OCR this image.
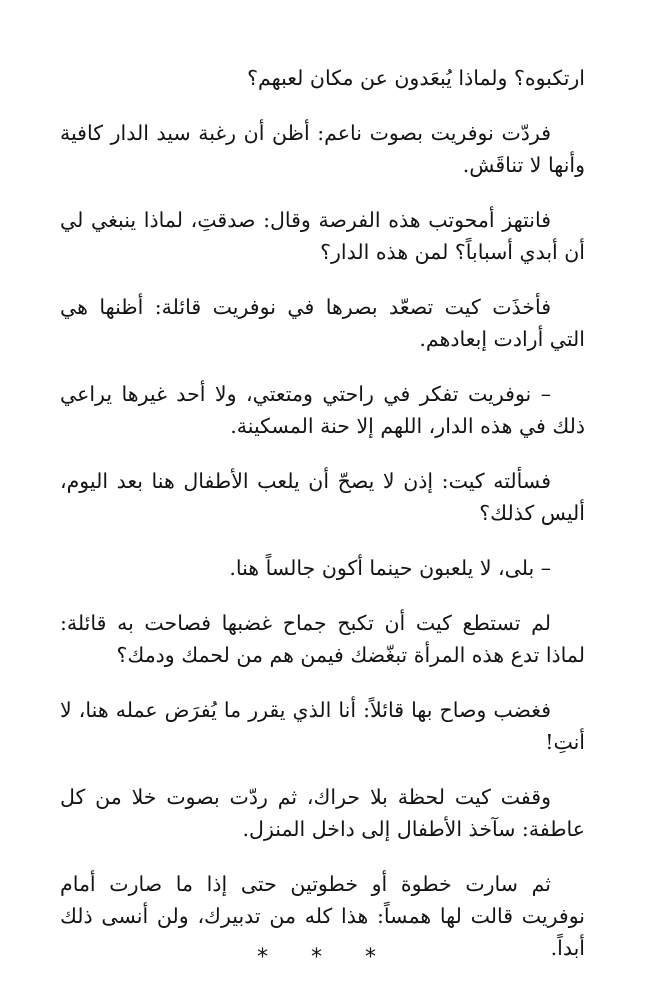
ارتكبوه؟ ولماذا يُبعَدون عن مكان لعبهم؟

فردّت نوفريت بصوت ناعم: أظن أن رغبة سيد الدار كافية وأنها لا تناقَش.

فانتهز أمحوتب هذه الفرصة وقال: صدقتِ، لماذا ينبغي لي أن أبدي أسباباً؟ لمن هذه الدار؟

فأخذَت كيت تصعّد بصرها في نوفريت قائلة: أظنها هي التي أرادت إبعادهم.

– نوفريت تفكر في راحتي ومتعتي، ولا أحد غيرها يراعي ذلك في هذه الدار، اللهم إلا حنة المسكينة.

فسألته كيت: إذن لا يصحّ أن يلعب الأطفال هنا بعد اليوم، أليس كذلك؟

– بلى، لا يلعبون حينما أكون جالساً هنا.

لم تستطع كيت أن تكبح جماح غضبها فصاحت به قائلة: لماذا تدع هذه المرأة تبغّضك فيمن هم من لحمك ودمك؟

فغضب وصاح بها قائلاً: أنا الذي يقرر ما يُفرَض عمله هنا، لا أنتِ!

وقفت كيت لحظة بلا حراك، ثم ردّت بصوت خلا من كل عاطفة: سآخذ الأطفال إلى داخل المنزل.

ثم سارت خطوة أو خطوتين حتى إذا ما صارت أمام نوفريت قالت لها همساً: هذا كله من تدبيرك، ولن أنسى ذلك أبداً.

* * *
